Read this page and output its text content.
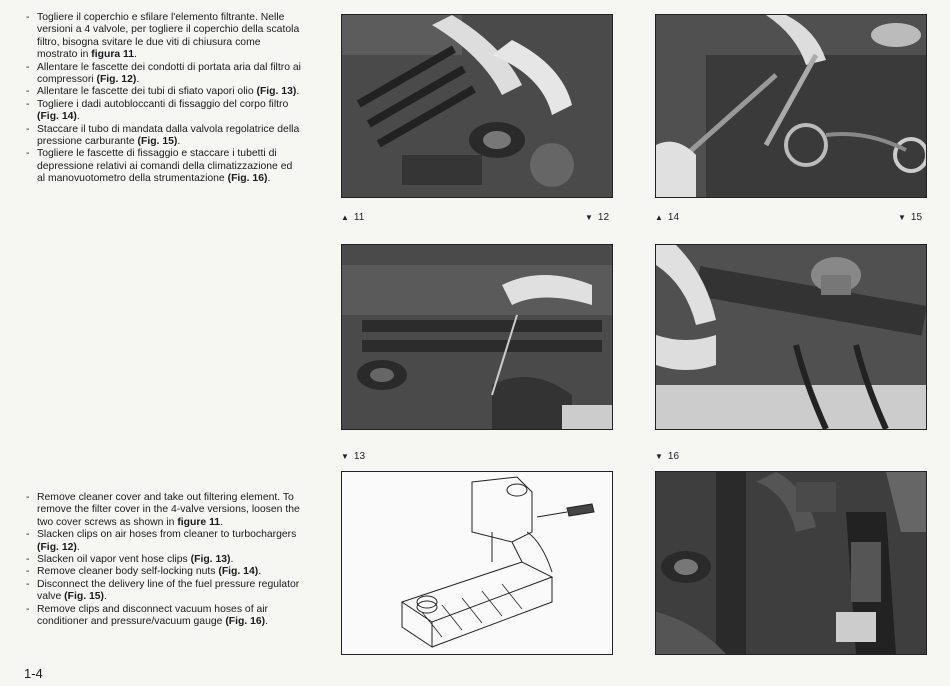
- Togliere il coperchio e sfilare l'elemento filtrante. Nelle versioni a 4 valvole, per togliere il coperchio della scatola filtro, bisogna svitare le due viti di chiusura come mostrato in figura 11.
- Allentare le fascette dei condotti di portata aria dal filtro ai compressori (Fig. 12).
- Allentare le fascette dei tubi di sfiato vapori olio (Fig. 13).
- Togliere i dadi autobloccanti di fissaggio del corpo filtro (Fig. 14).
- Staccare il tubo di mandata dalla valvola regolatrice della pressione carburante (Fig. 15).
- Togliere le fascette di fissaggio e staccare i tubetti di depressione relativi ai comandi della climatizzazione ed al manovuotometro della strumentazione (Fig. 16).
- Remove cleaner cover and take out filtering element. To remove the filter cover in the 4-valve versions, loosen the two cover screws as shown in figure 11.
- Slacken clips on air hoses from cleaner to turbochargers (Fig. 12).
- Slacken oil vapor vent hose clips (Fig. 13).
- Remove cleaner body self-locking nuts (Fig. 14).
- Disconnect the delivery line of the fuel pressure regulator valve (Fig. 15).
- Remove clips and disconnect vacuum hoses of air conditioner and pressure/vacuum gauge (Fig. 16).
▲ 11	▼ 12	▲ 14	▼ 15
▼ 13	▼ 16
1-4
